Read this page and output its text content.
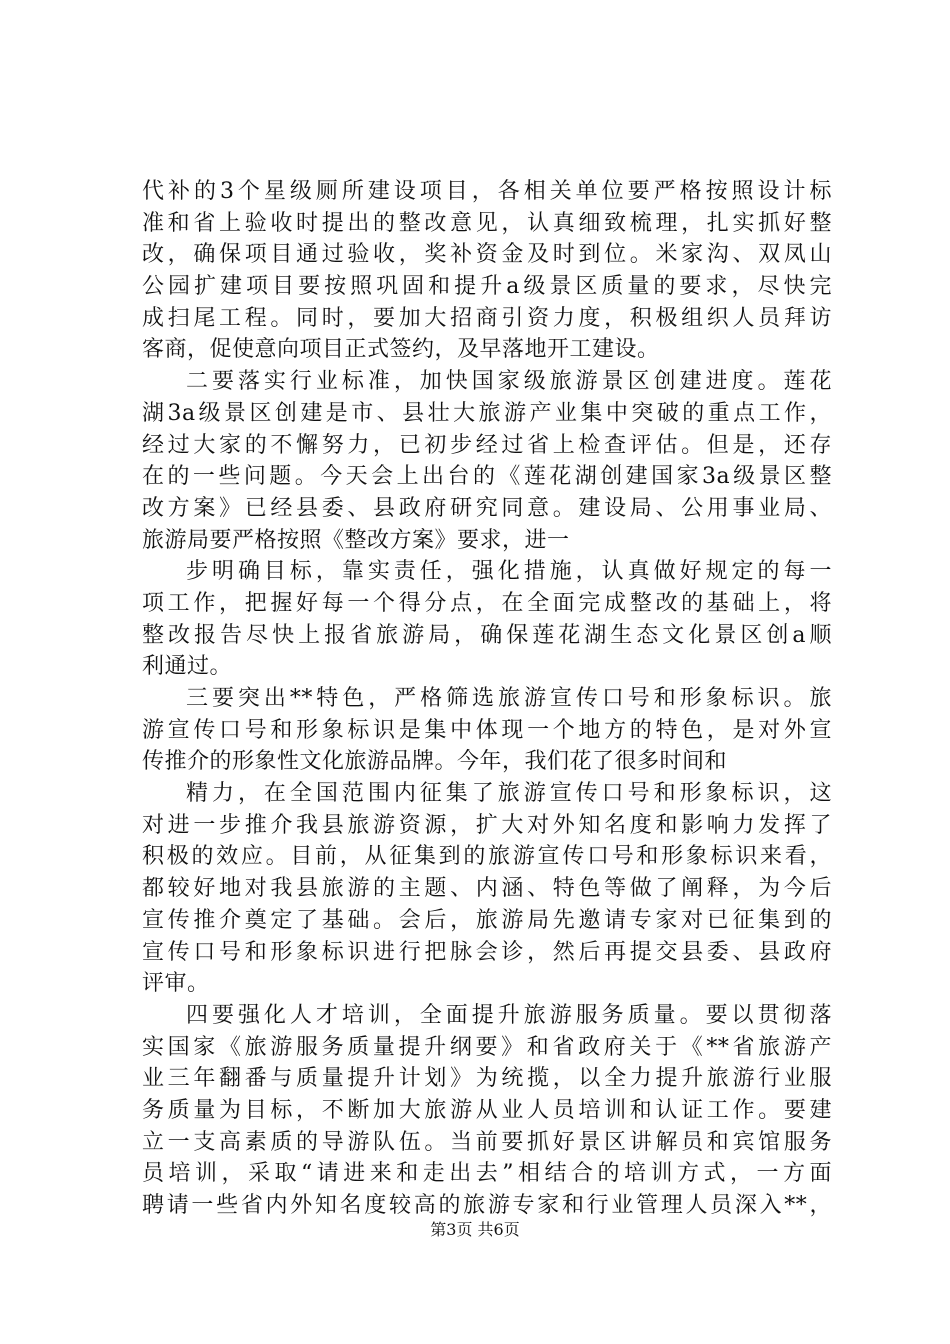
代补的3个星级厕所建设项目，各相关单位要严格按照设计标
准和省上验收时提出的整改意见，认真细致梳理，扎实抓好整
改，确保项目通过验收，奖补资金及时到位。米家沟、双凤山
公园扩建项目要按照巩固和提升a级景区质量的要求，尽快完
成扫尾工程。同时，要加大招商引资力度，积极组织人员拜访
客商，促使意向项目正式签约，及早落地开工建设。
二要落实行业标准，加快国家级旅游景区创建进度。莲花
湖3a级景区创建是市、县壮大旅游产业集中突破的重点工作，
经过大家的不懈努力，已初步经过省上检查评估。但是，还存
在的一些问题。今天会上出台的《莲花湖创建国家3a级景区整
改方案》已经县委、县政府研究同意。建设局、公用事业局、
旅游局要严格按照《整改方案》要求，进一
步明确目标，靠实责任，强化措施，认真做好规定的每一
项工作，把握好每一个得分点，在全面完成整改的基础上，将
整改报告尽快上报省旅游局，确保莲花湖生态文化景区创a顺
利通过。
三要突出**特色，严格筛选旅游宣传口号和形象标识。旅
游宣传口号和形象标识是集中体现一个地方的特色，是对外宣
传推介的形象性文化旅游品牌。今年，我们花了很多时间和
精力，在全国范围内征集了旅游宣传口号和形象标识，这
对进一步推介我县旅游资源，扩大对外知名度和影响力发挥了
积极的效应。目前，从征集到的旅游宣传口号和形象标识来看，
都较好地对我县旅游的主题、内涵、特色等做了阐释，为今后
宣传推介奠定了基础。会后，旅游局先邀请专家对已征集到的
宣传口号和形象标识进行把脉会诊，然后再提交县委、县政府
评审。
四要强化人才培训，全面提升旅游服务质量。要以贯彻落
实国家《旅游服务质量提升纲要》和省政府关于《**省旅游产
业三年翻番与质量提升计划》为统揽，以全力提升旅游行业服
务质量为目标，不断加大旅游从业人员培训和认证工作。要建
立一支高素质的导游队伍。当前要抓好景区讲解员和宾馆服务
员培训，采取“请进来和走出去”相结合的培训方式，一方面
聘请一些省内外知名度较高的旅游专家和行业管理人员深入**，
第3页 共6页
